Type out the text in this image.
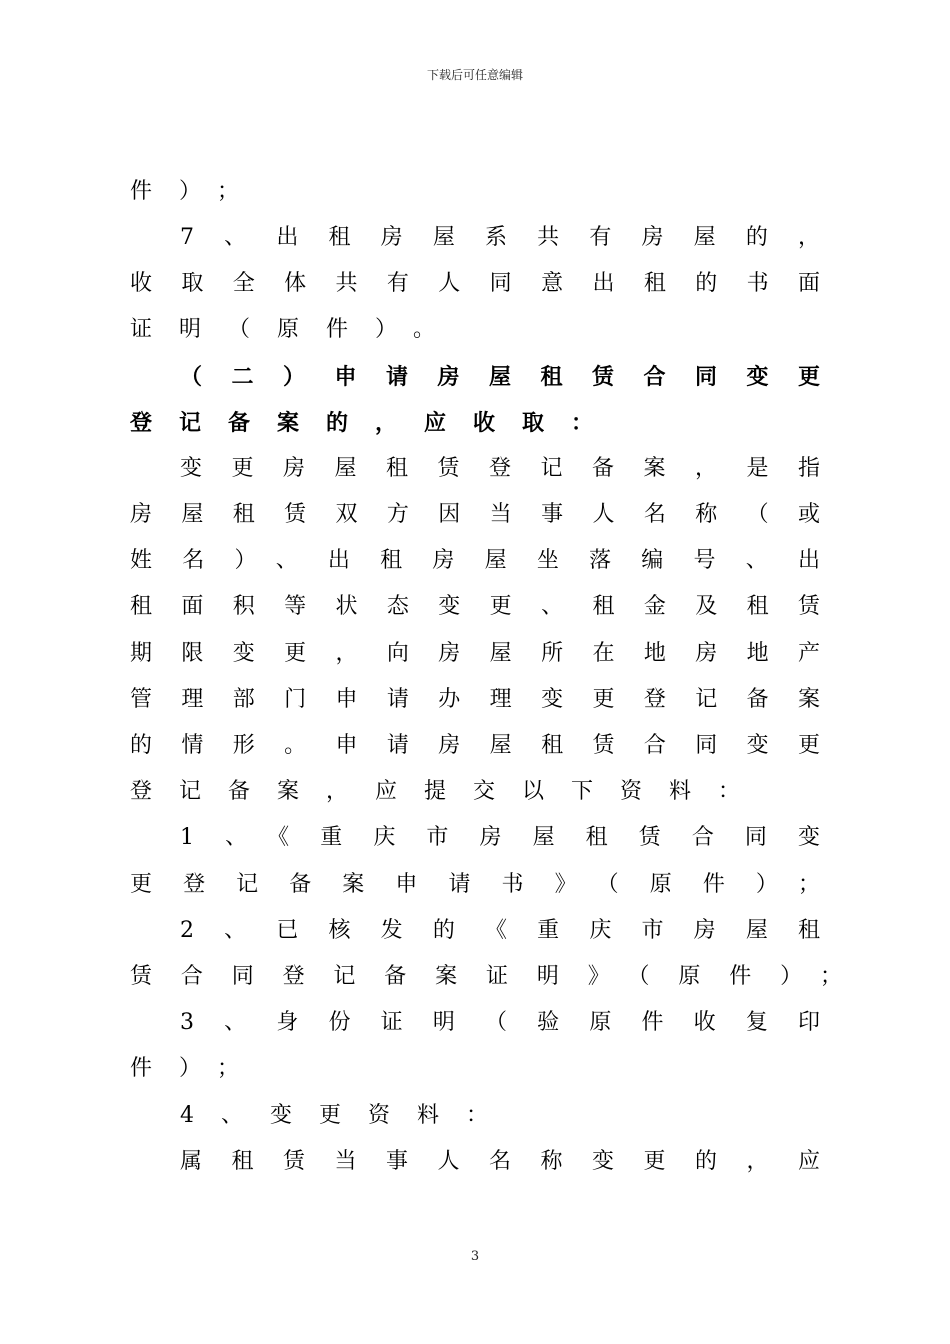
下载后可任意编辑
件）；
7、出租房屋系共有房屋的，
收取全体共有人同意出租的书面
证明（原件）。
（二）申请房屋租赁合同变更
登记备案的，应收取：
变更房屋租赁登记备案，是指
房屋租赁双方因当事人名称（或
姓名）、出租房屋坐落编号、出
租面积等状态变更、租金及租赁
期限变更，向房屋所在地房地产
管理部门申请办理变更登记备案
的情形。申请房屋租赁合同变更
登记备案，应提交以下资料：
1、《重庆市房屋租赁合同变
更登记备案申请书》（原件）；
2、已核发的《重庆市房屋租
赁合同登记备案证明》（原件）；
3、身份证明（验原件收复印
件）；
4、变更资料：
属租赁当事人名称变更的，应
3
